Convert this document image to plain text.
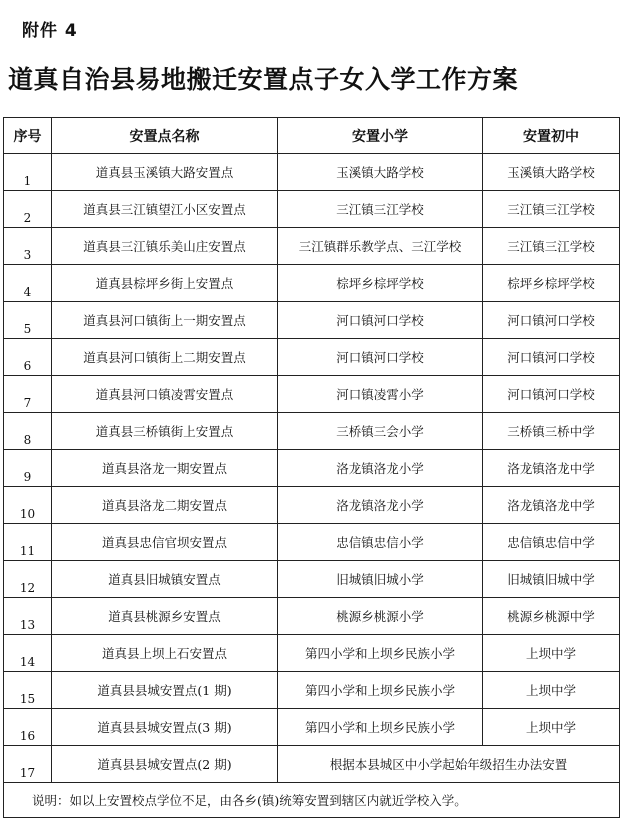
附件 4
道真自治县易地搬迁安置点子女入学工作方案
序号	安置点名称	安置小学	安置初中
1	道真县玉溪镇大路安置点	玉溪镇大路学校	玉溪镇大路学校
2	道真县三江镇望江小区安置点	三江镇三江学校	三江镇三江学校
3	道真县三江镇乐美山庄安置点	三江镇群乐教学点、三江学校	三江镇三江学校
4	道真县棕坪乡街上安置点	棕坪乡棕坪学校	棕坪乡棕坪学校
5	道真县河口镇街上一期安置点	河口镇河口学校	河口镇河口学校
6	道真县河口镇街上二期安置点	河口镇河口学校	河口镇河口学校
7	道真县河口镇凌霄安置点	河口镇凌霄小学	河口镇河口学校
8	道真县三桥镇街上安置点	三桥镇三会小学	三桥镇三桥中学
9	道真县洛龙一期安置点	洛龙镇洛龙小学	洛龙镇洛龙中学
10	道真县洛龙二期安置点	洛龙镇洛龙小学	洛龙镇洛龙中学
11	道真县忠信官坝安置点	忠信镇忠信小学	忠信镇忠信中学
12	道真县旧城镇安置点	旧城镇旧城小学	旧城镇旧城中学
13	道真县桃源乡安置点	桃源乡桃源小学	桃源乡桃源中学
14	道真县上坝上石安置点	第四小学和上坝乡民族小学	上坝中学
15	道真县县城安置点(1 期)	第四小学和上坝乡民族小学	上坝中学
16	道真县县城安置点(3 期)	第四小学和上坝乡民族小学	上坝中学
17	道真县县城安置点(2 期)	根据本县城区中小学起始年级招生办法安置	
说明：如以上安置校点学位不足，由各乡(镇)统筹安置到辖区内就近学校入学。			
